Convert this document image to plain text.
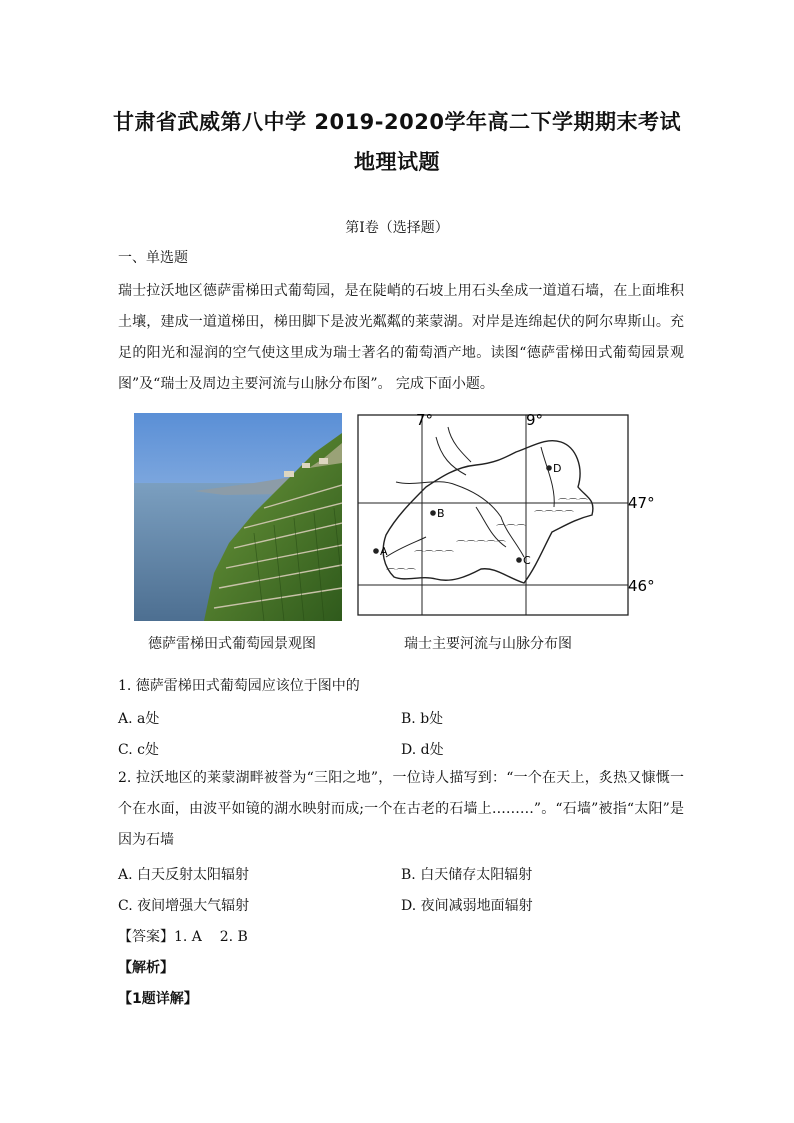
甘肃省武威第八中学 2019-2020学年高二下学期期末考试
地理试题
第Ⅰ卷（选择题）
一、单选题
瑞士拉沃地区德萨雷梯田式葡萄园，是在陡峭的石坡上用石头垒成一道道石墙，在上面堆积土壤，建成一道道梯田，梯田脚下是波光粼粼的莱蒙湖。对岸是连绵起伏的阿尔卑斯山。充足的阳光和湿润的空气使这里成为瑞士著名的葡萄酒产地。读图“德萨雷梯田式葡萄园景观图”及“瑞士及周边主要河流与山脉分布图”。 完成下面小题。
7°	9°
47°
46°
⌒⌒⌒
⌒⌒⌒⌒
⌒⌒⌒⌒⌒
⌒⌒⌒
⌒⌒⌒⌒
⌒⌒⌒
A
B
C
D
德萨雷梯田式葡萄园景观图	瑞士主要河流与山脉分布图
1. 德萨雷梯田式葡萄园应该位于图中的
A. a处	B. b处
C. c处	D. d处
2. 拉沃地区的莱蒙湖畔被誉为“三阳之地”，一位诗人描写到：“一个在天上，炙热又慷慨一个在水面，由波平如镜的湖水映射而成;一个在古老的石墙上………”。“石墙”被指“太阳”是因为石墙
A. 白天反射太阳辐射	B. 白天储存太阳辐射
C. 夜间增强大气辐射	D. 夜间减弱地面辐射
【答案】1. A    2. B
【解析】
【1题详解】
